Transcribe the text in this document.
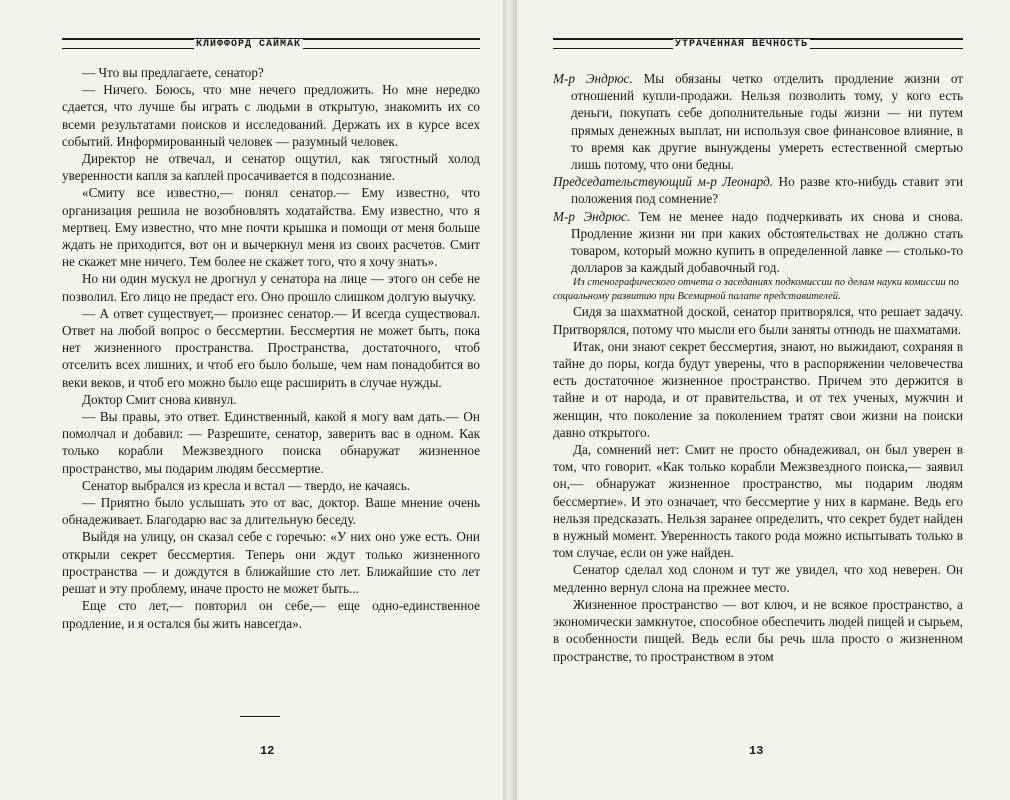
КЛИФФОРД САЙМАК

— Что вы предлагаете, сенатор?

— Ничего. Боюсь, что мне нечего предложить. Но мне нередко сдается, что лучше бы играть с людьми в открытую, знакомить их со всеми результатами поисков и исследований. Держать их в курсе всех событий. Информированный человек — разумный человек.

Директор не отвечал, и сенатор ощутил, как тягостный холод уверенности капля за каплей просачивается в подсознание.

«Смиту все известно,— понял сенатор.— Ему известно, что организация решила не возобновлять ходатайства. Ему известно, что я мертвец. Ему известно, что мне почти крышка и помощи от меня больше ждать не приходится, вот он и вычеркнул меня из своих расчетов. Смит не скажет мне ничего. Тем более не скажет того, что я хочу знать».

Но ни один мускул не дрогнул у сенатора на лице — этого он себе не позволил. Его лицо не предаст его. Оно прошло слишком долгую выучку.

— А ответ существует,— произнес сенатор.— И всегда существовал. Ответ на любой вопрос о бессмертии. Бессмертия не может быть, пока нет жизненного пространства. Пространства, достаточного, чтоб отселить всех лишних, и чтоб его было больше, чем нам понадобится во веки веков, и чтоб его можно было еще расширить в случае нужды.

Доктор Смит снова кивнул.

— Вы правы, это ответ. Единственный, какой я могу вам дать.— Он помолчал и добавил: — Разрешите, сенатор, заверить вас в одном. Как только корабли Межзвездного поиска обнаружат жизненное пространство, мы подарим людям бессмертие.

Сенатор выбрался из кресла и встал — твердо, не качаясь.

— Приятно было услышать это от вас, доктор. Ваше мнение очень обнадеживает. Благодарю вас за длительную беседу.

Выйдя на улицу, он сказал себе с горечью: «У них оно уже есть. Они открыли секрет бессмертия. Теперь они ждут только жизненного пространства — и дождутся в ближайшие сто лет. Ближайшие сто лет решат и эту проблему, иначе просто не может быть...

Еще сто лет,— повторил он себе,— еще одно-единственное продление, и я остался бы жить навсегда».

12
УТРАЧЕННАЯ ВЕЧНОСТЬ

М-р Эндрюс. Мы обязаны четко отделить продление жизни от отношений купли-продажи. Нельзя позволить тому, у кого есть деньги, покупать себе дополнительные годы жизни — ни путем прямых денежных выплат, ни используя свое финансовое влияние, в то время как другие вынуждены умереть естественной смертью лишь потому, что они бедны.

Председательствующий м-р Леонард. Но разве кто-нибудь ставит эти положения под сомнение?

М-р Эндрюс. Тем не менее надо подчеркивать их снова и снова. Продление жизни ни при каких обстоятельствах не должно стать товаром, который можно купить в определенной лавке — столько-то долларов за каждый добавочный год.

Из стенографического отчета о заседаниях подкомиссии по делам науки комиссии по социальному развитию при Всемирной палате представителей.

Сидя за шахматной доской, сенатор притворялся, что решает задачу. Притворялся, потому что мысли его были заняты отнюдь не шахматами.

Итак, они знают секрет бессмертия, знают, но выжидают, сохраняя в тайне до поры, когда будут уверены, что в распоряжении человечества есть достаточное жизненное пространство. Причем это держится в тайне и от народа, и от правительства, и от тех ученых, мужчин и женщин, что поколение за поколением тратят свои жизни на поиски давно открытого.

Да, сомнений нет: Смит не просто обнадеживал, он был уверен в том, что говорит. «Как только корабли Межзвездного поиска,— заявил он,— обнаружат жизненное пространство, мы подарим людям бессмертие». И это означает, что бессмертие у них в кармане. Ведь его нельзя предсказать. Нельзя заранее определить, что секрет будет найден в нужный момент. Уверенность такого рода можно испытывать только в том случае, если он уже найден.

Сенатор сделал ход слоном и тут же увидел, что ход неверен. Он медленно вернул слона на прежнее место.

Жизненное пространство — вот ключ, и не всякое пространство, а экономически замкнутое, способное обеспечить людей пищей и сырьем, в особенности пищей. Ведь если бы речь шла просто о жизненном пространстве, то пространством в этом

13
